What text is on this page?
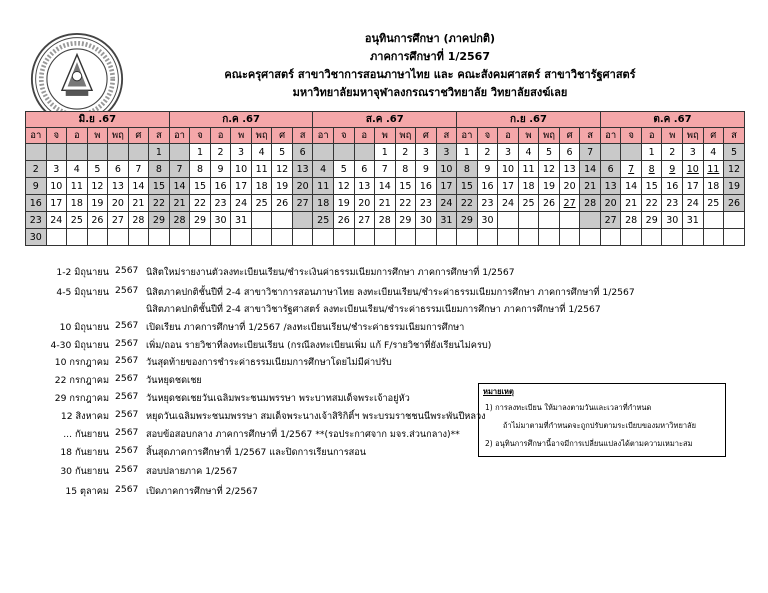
อนุทินการศึกษา (ภาคปกติ)
ภาคการศึกษาที่ 1/2567
คณะครุศาสตร์ สาขาวิชาการสอนภาษาไทย และ คณะสังคมศาสตร์ สาขาวิชารัฐศาสตร์
มหาวิทยาลัยมหาจุฬาลงกรณราชวิทยาลัย วิทยาลัยสงฆ์เลย
มิ.ย .67							ก.ค .67							ส.ค .67							ก.ย .67							ต.ค .67						
อา	จ	อ	พ	พฤ	ศ	ส	อา	จ	อ	พ	พฤ	ศ	ส	อา	จ	อ	พ	พฤ	ศ	ส	อา	จ	อ	พ	พฤ	ศ	ส	อา	จ	อ	พ	พฤ	ศ	ส
						1		1	2	3	4	5	6				1	2	3	3	1	2	3	4	5	6	7			1	2	3	4	5
2	3	4	5	6	7	8	7	8	9	10	11	12	13	4	5	6	7	8	9	10	8	9	10	11	12	13	14	6	7	8	9	10	11	12
9	10	11	12	13	14	15	14	15	16	17	18	19	20	11	12	13	14	15	16	17	15	16	17	18	19	20	21	13	14	15	16	17	18	19
16	17	18	19	20	21	22	21	22	23	24	25	26	27	18	19	20	21	22	23	24	22	23	24	25	26	27	28	20	21	22	23	24	25	26
23	24	25	26	27	28	29	28	29	30	31				25	26	27	28	29	30	31	29	30						27	28	29	30	31		
30																																		
1-2 มิถุนายน 2567 นิสิตใหม่รายงานตัวลงทะเบียนเรียน/ชำระเงินค่าธรรมเนียมการศึกษา ภาคการศึกษาที่ 1/2567
4-5 มิถุนายน 2567 นิสิตภาคปกติชั้นปีที่ 2-4 สาขาวิชาการสอนภาษาไทย ลงทะเบียนเรียน/ชำระค่าธรรมเนียมการศึกษา ภาคการศึกษาที่ 1/2567
นิสิตภาคปกติชั้นปีที่ 2-4 สาขาวิชารัฐศาสตร์ ลงทะเบียนเรียน/ชำระค่าธรรมเนียมการศึกษา ภาคการศึกษาที่ 1/2567
10 มิถุนายน 2567 เปิดเรียน ภาคการศึกษาที่ 1/2567 /ลงทะเบียนเรียน/ชำระค่าธรรมเนียมการศึกษา
4-30 มิถุนายน 2567 เพิ่ม/ถอน รายวิชาที่ลงทะเบียนเรียน (กรณีลงทะเบียนเพิ่ม แก้ F/รายวิชาที่ยังเรียนไม่ครบ)
10 กรกฎาคม 2567 วันสุดท้ายของการชำระค่าธรรมเนียมการศึกษาโดยไม่มีค่าปรับ
22 กรกฎาคม 2567 วันหยุดชดเชย
29 กรกฎาคม 2567 วันหยุดชดเชยวันเฉลิมพระชนมพรรษา พระบาทสมเด็จพระเจ้าอยู่หัว
12 สิงหาคม 2567 หยุดวันเฉลิมพระชนมพรรษา สมเด็จพระนางเจ้าสิริกิติ์ฯ พระบรมราชชนนีพระพันปีหลวง
... กันยายน 2567 สอบข้อสอบกลาง ภาคการศึกษาที่ 1/2567 **(รอประกาศจาก มจร.ส่วนกลาง)**
18 กันยายน 2567 สิ้นสุดภาคการศึกษาที่ 1/2567 และปิดการเรียนการสอน
30 กันยายน 2567 สอบปลายภาค 1/2567
15 ตุลาคม 2567 เปิดภาคการศึกษาที่ 2/2567
หมายเหตุ
1) การลงทะเบียน ให้มาลงตามวันและเวลาที่กำหนด
ถ้าไม่มาตามที่กำหนดจะถูกปรับตามระเบียบของมหาวิทยาลัย
2) อนุทินการศึกษานี้อาจมีการเปลี่ยนแปลงได้ตามความเหมาะสม
